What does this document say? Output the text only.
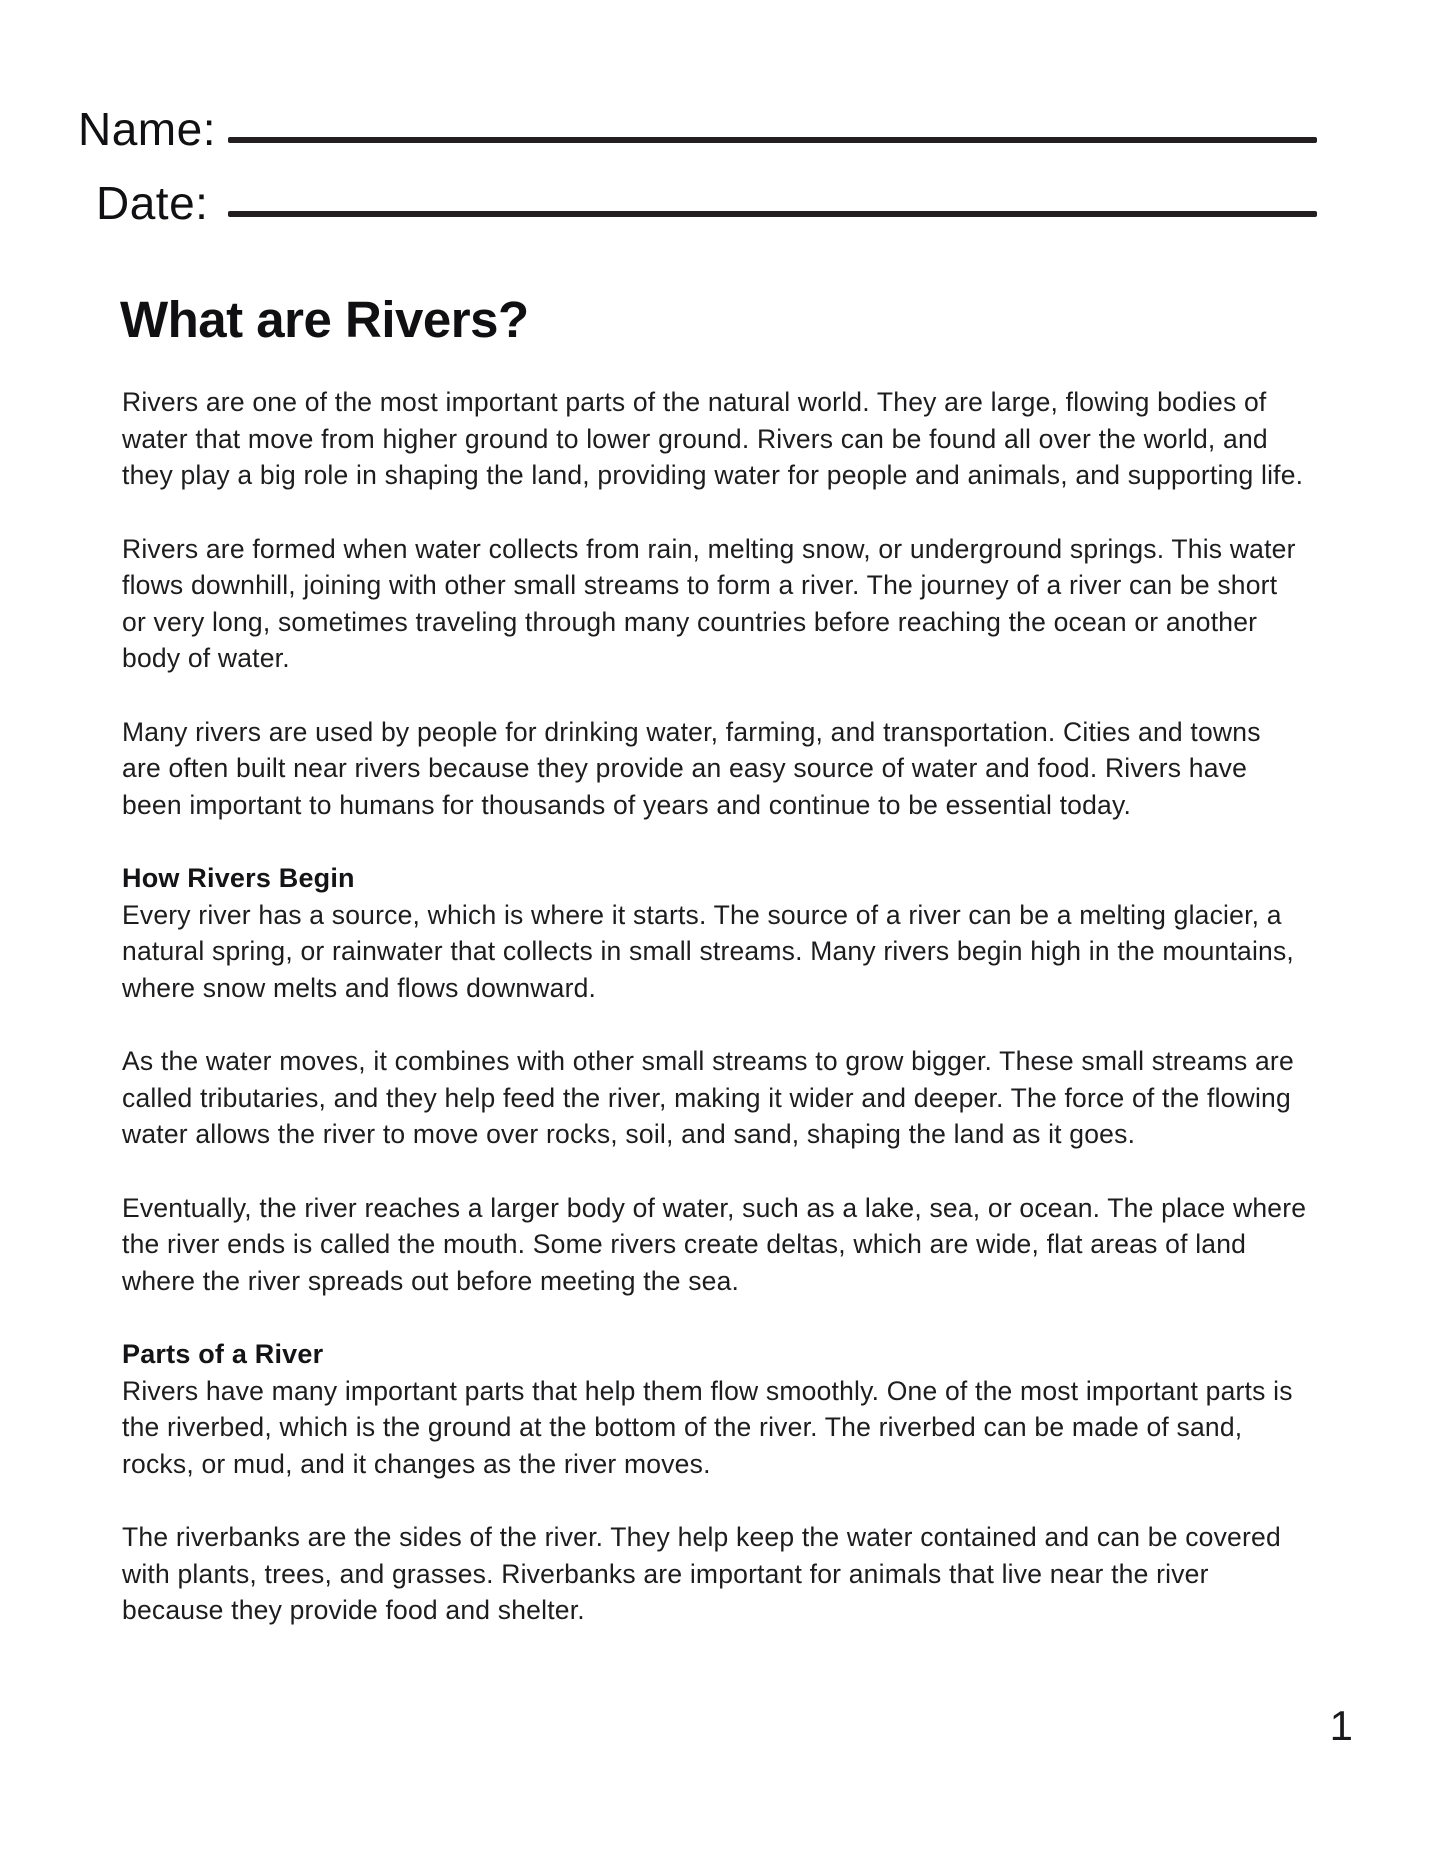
Name:
Date:
What are Rivers?

Rivers are one of the most important parts of the natural world. They are large, flowing bodies of water that move from higher ground to lower ground. Rivers can be found all over the world, and they play a big role in shaping the land, providing water for people and animals, and supporting life.

Rivers are formed when water collects from rain, melting snow, or underground springs. This water flows downhill, joining with other small streams to form a river. The journey of a river can be short or very long, sometimes traveling through many countries before reaching the ocean or another body of water.

Many rivers are used by people for drinking water, farming, and transportation. Cities and towns are often built near rivers because they provide an easy source of water and food. Rivers have been important to humans for thousands of years and continue to be essential today.

How Rivers Begin

Every river has a source, which is where it starts. The source of a river can be a melting glacier, a natural spring, or rainwater that collects in small streams. Many rivers begin high in the mountains, where snow melts and flows downward.

As the water moves, it combines with other small streams to grow bigger. These small streams are called tributaries, and they help feed the river, making it wider and deeper. The force of the flowing water allows the river to move over rocks, soil, and sand, shaping the land as it goes.

Eventually, the river reaches a larger body of water, such as a lake, sea, or ocean. The place where the river ends is called the mouth. Some rivers create deltas, which are wide, flat areas of land where the river spreads out before meeting the sea.

Parts of a River

Rivers have many important parts that help them flow smoothly. One of the most important parts is the riverbed, which is the ground at the bottom of the river. The riverbed can be made of sand, rocks, or mud, and it changes as the river moves.

The riverbanks are the sides of the river. They help keep the water contained and can be covered with plants, trees, and grasses. Riverbanks are important for animals that live near the river because they provide food and shelter.

1
